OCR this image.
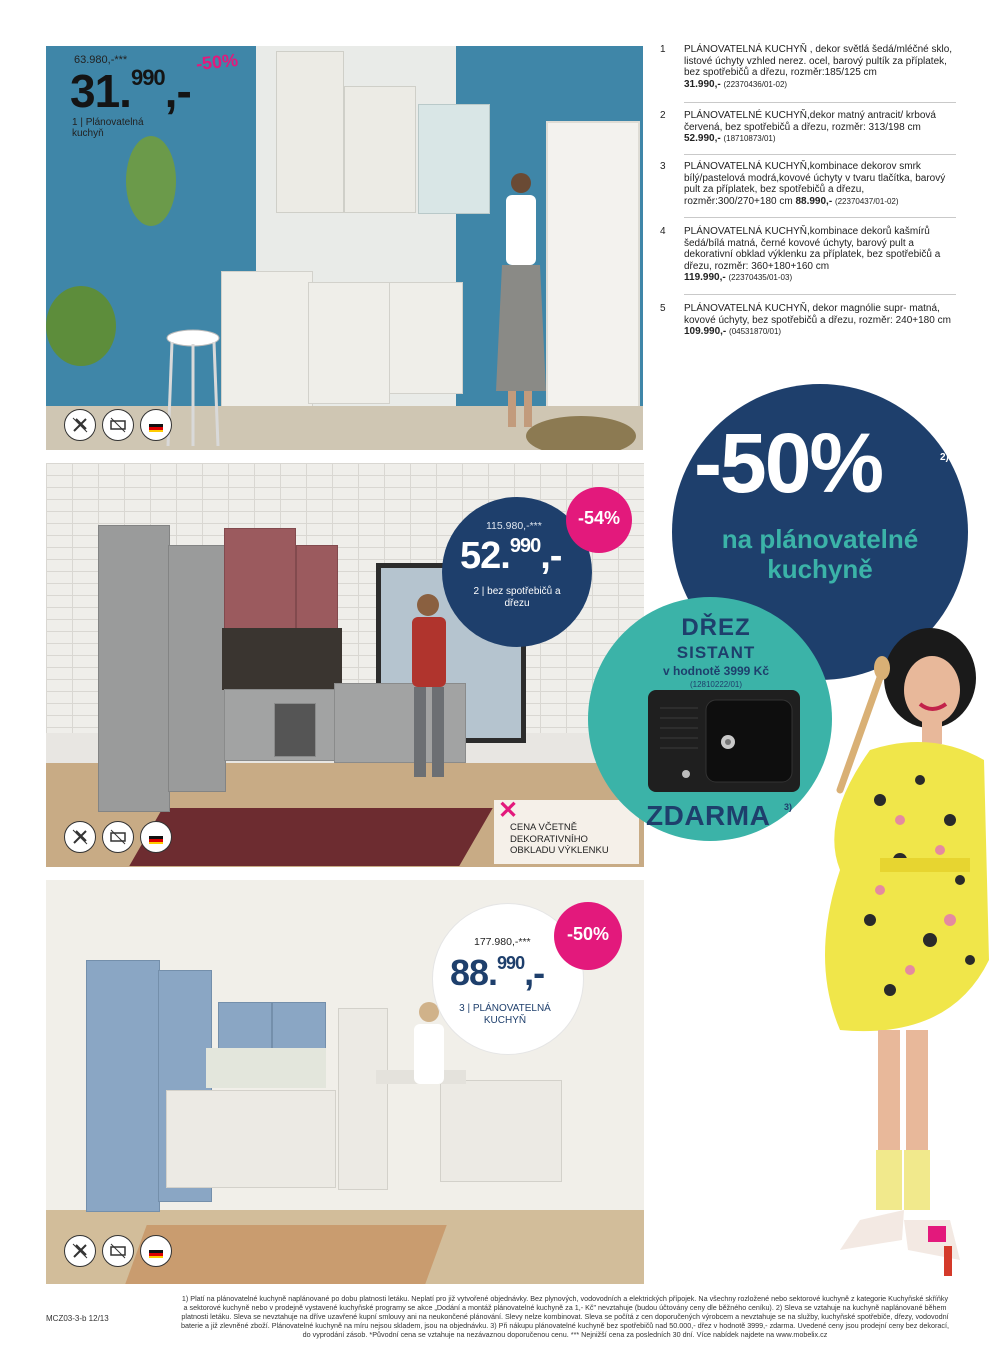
63.980,-***
31.$^{990}$,-
-50%
1 | Plánovatelná
kuchyň
✕
CENA VČETNĚ
DEKORATIVNÍHO
OBKLADU VÝKLENKU
115.980,-***
52.$^{990}$,-
2 | bez spotřebičů a
dřezu
-54%
177.980,-***
88.$^{990}$,-
3 | PLÁNOVATELNÁ
KUCHYŇ
-50%
1 PLÁNOVATELNÁ KUCHYŇ , dekor světlá šedá/mléčné sklo, listové úchyty vzhled nerez. ocel, barový pultík za příplatek, bez spotřebičů a dřezu, rozměr:185/125 cm
31.990,- (22370436/01-02)
2 PLÁNOVATELNÉ KUCHYŇ,dekor matný antracit/ krbová červená, bez spotřebičů a dřezu, rozměr: 313/198 cm 52.990,- (18710873/01)
3 PLÁNOVATELNÁ KUCHYŇ,kombinace dekorov smrk bílý/pastelová modrá,kovové úchyty v tvaru tlačítka, barový pult za příplatek, bez spotřebičů a dřezu, rozměr:300/270+180 cm 88.990,- (22370437/01-02)
4 PLÁNOVATELNÁ KUCHYŇ,kombinace dekorů kašmírů šedá/bílá matná, černé kovové úchyty, barový pult a dekorativní obklad výklenku za příplatek, bez spotřebičů a dřezu, rozměr: 360+180+160 cm
119.990,- (22370435/01-03)
5 PLÁNOVATELNÁ KUCHYŇ, dekor magnólie supr- matná, kovové úchyty, bez spotřebičů a dřezu, rozměr: 240+180 cm 109.990,- (04531870/01)
-50%	2)
na plánovatelné
kuchyně
DŘEZ
SISTANT
v hodnotě 3999 Kč
(12810222/01)
ZDARMA 3)
MCZ03-3-b 12/13
1) Platí na plánovatelné kuchyně naplánované po dobu platnosti letáku. Neplatí pro již vytvořené objednávky. Bez plynových, vodovodních a elektrických přípojek. Na všechny rozložené nebo sektorové kuchyně z kategorie Kuchyňské skříňky a sektorové kuchyně nebo v prodejně vystavené kuchyňské programy se akce „Dodání a montáž plánovatelné kuchyně za 1,- Kč" nevztahuje (budou účtovány ceny dle běžného ceníku). 2) Sleva se vztahuje na kuchyně naplánované během platnosti letáku. Sleva se nevztahuje na dříve uzavřené kupní smlouvy ani na neukončené plánování. Slevy nelze kombinovat. Sleva se počítá z cen doporučených výrobcem a nevztahuje se na služby, kuchyňské spotřebiče, dřezy, vodovodní baterie a již zlevněné zboží. Plánovatelné kuchyně na míru nejsou skladem, jsou na objednávku. 3) Při nákupu plánovatelné kuchyně bez spotřebičů nad 50.000,- dřez v hodnotě 3999,- zdarma. Uvedené ceny jsou prodejní ceny bez dekorací, do vyprodání zásob. *Původní cena se vztahuje na nezávaznou doporučenou cenu. *** Nejnižší cena za posledních 30 dní. Více nabídek najdete na www.mobelix.cz
